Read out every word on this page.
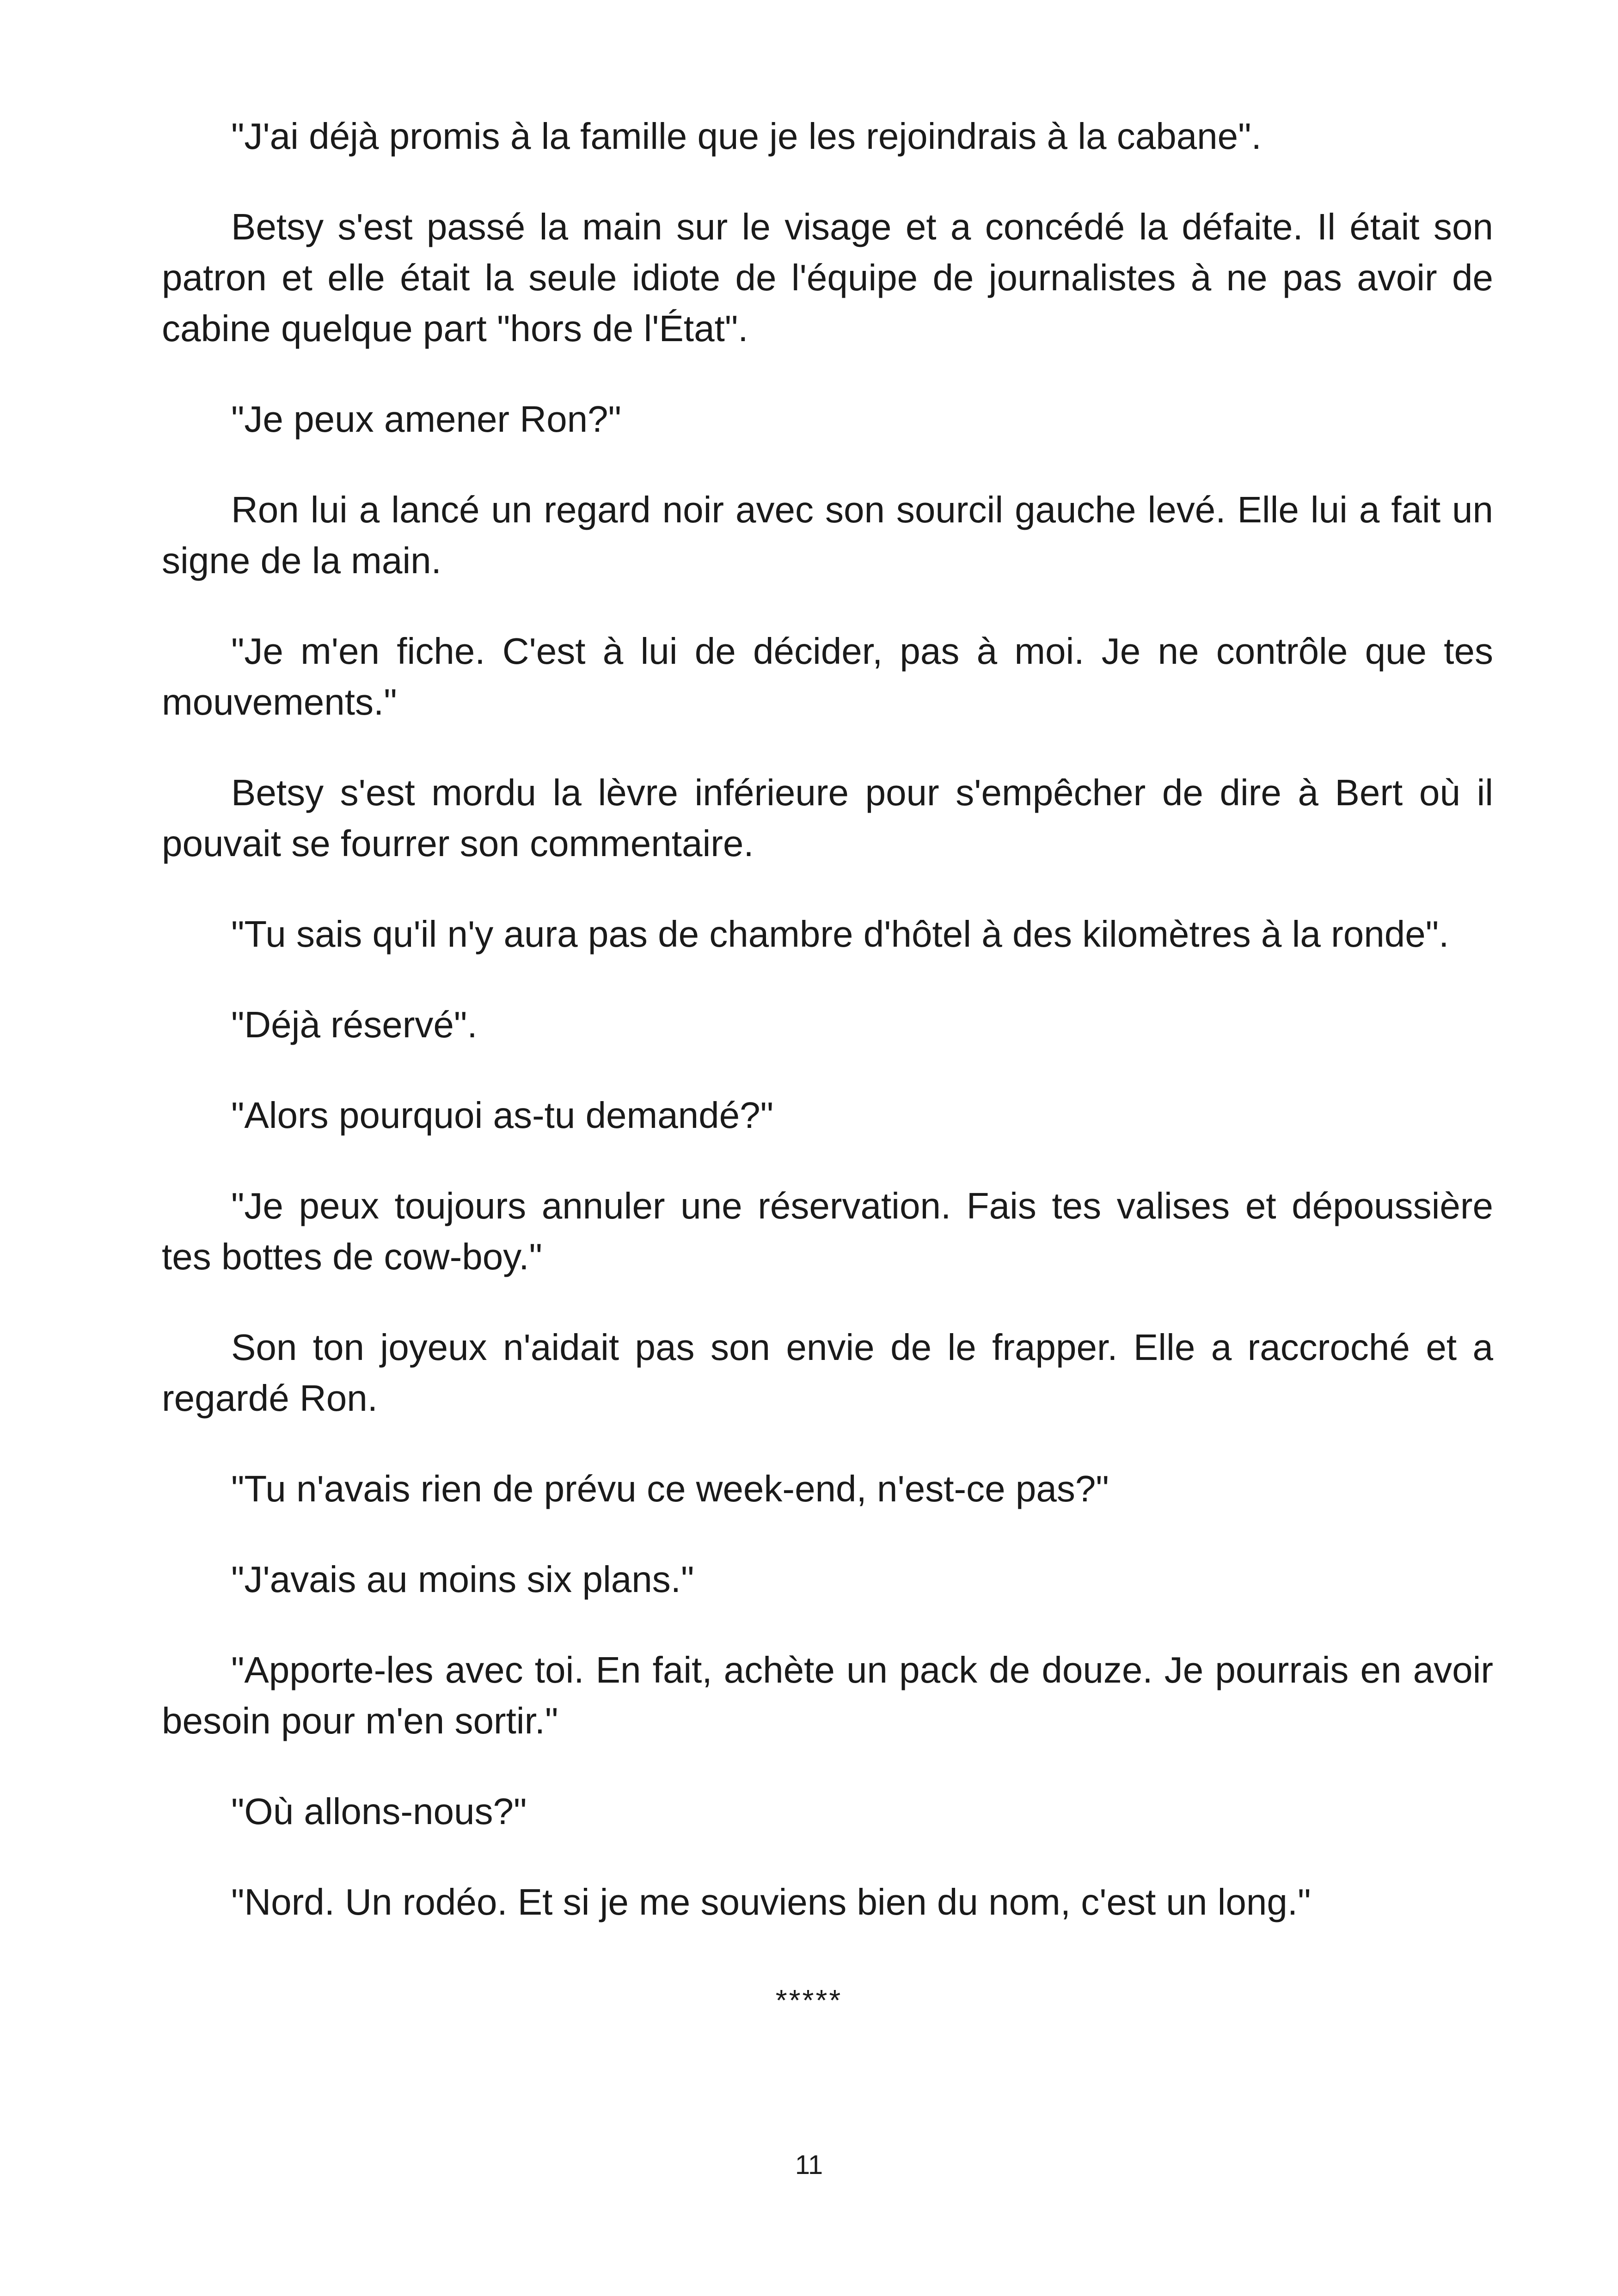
"J'ai déjà promis à la famille que je les rejoindrais à la cabane".

Betsy s'est passé la main sur le visage et a concédé la défaite. Il était son patron et elle était la seule idiote de l'équipe de journalistes à ne pas avoir de cabine quelque part "hors de l'État".

"Je peux amener Ron?"

Ron lui a lancé un regard noir avec son sourcil gauche levé. Elle lui a fait un signe de la main.

"Je m'en fiche. C'est à lui de décider, pas à moi. Je ne contrôle que tes mouvements."

Betsy s'est mordu la lèvre inférieure pour s'empêcher de dire à Bert où il pouvait se fourrer son commentaire.

"Tu sais qu'il n'y aura pas de chambre d'hôtel à des kilomètres à la ronde".

"Déjà réservé".

"Alors pourquoi as-tu demandé?"

"Je peux toujours annuler une réservation. Fais tes valises et dépoussière tes bottes de cow-boy."

Son ton joyeux n'aidait pas son envie de le frapper. Elle a raccroché et a regardé Ron.

"Tu n'avais rien de prévu ce week-end, n'est-ce pas?"

"J'avais au moins six plans."

"Apporte-les avec toi. En fait, achète un pack de douze. Je pourrais en avoir besoin pour m'en sortir."

"Où allons-nous?"

"Nord. Un rodéo. Et si je me souviens bien du nom, c'est un long."

*****
11
